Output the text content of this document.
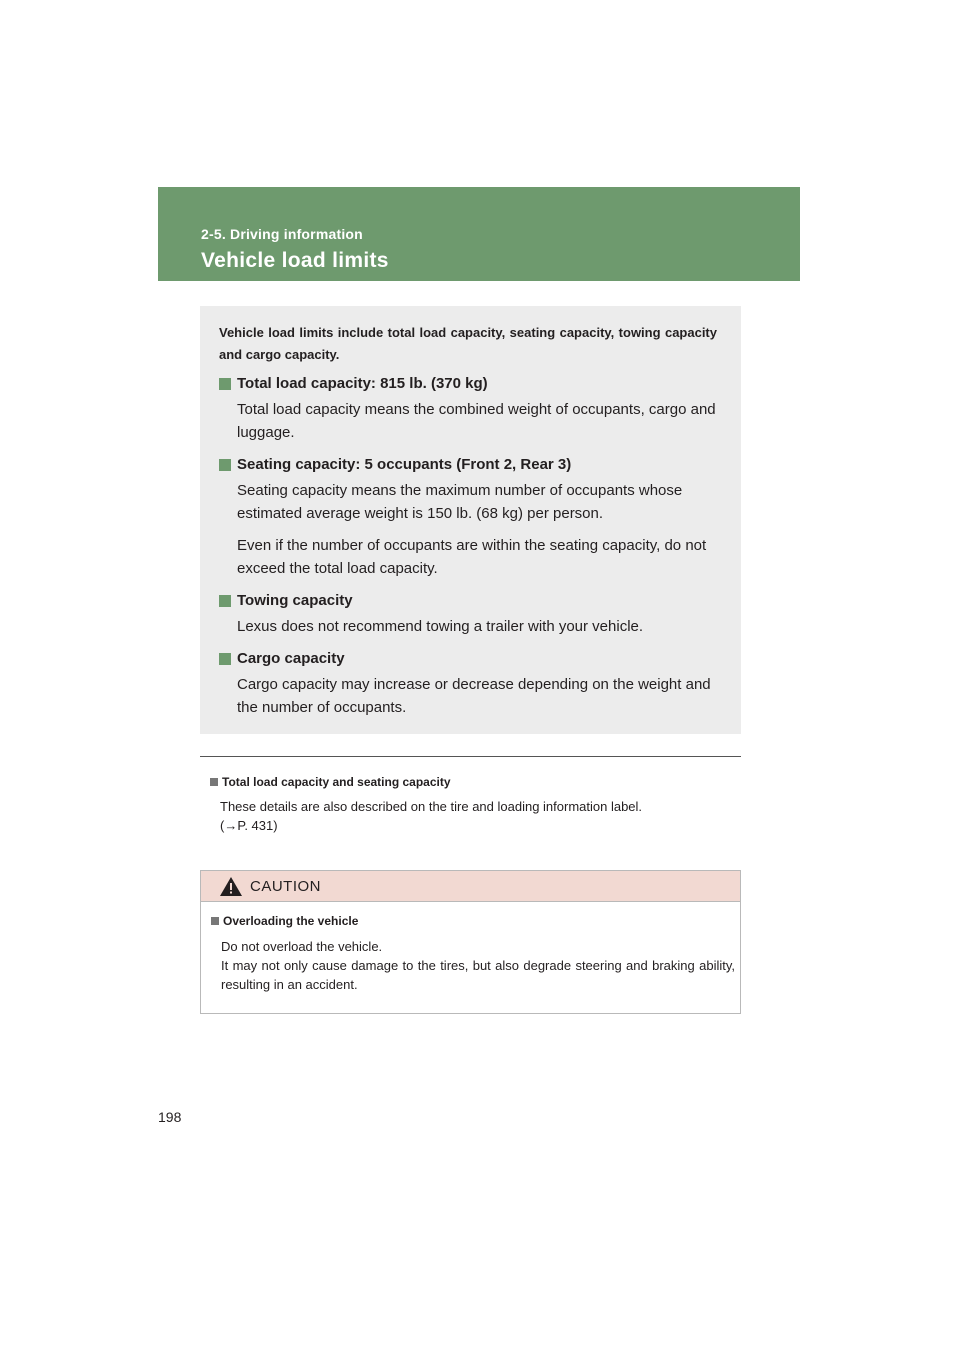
2-5. Driving information
Vehicle load limits
Vehicle load limits include total load capacity, seating capacity, towing capacity and cargo capacity.
Total load capacity: 815 lb. (370 kg)

Total load capacity means the combined weight of occupants, cargo and luggage.

Seating capacity: 5 occupants (Front 2, Rear 3)

Seating capacity means the maximum number of occupants whose estimated average weight is 150 lb. (68 kg) per person.

Even if the number of occupants are within the seating capacity, do not exceed the total load capacity.

Towing capacity

Lexus does not recommend towing a trailer with your vehicle.

Cargo capacity

Cargo capacity may increase or decrease depending on the weight and the number of occupants.

Total load capacity and seating capacity
These details are also described on the tire and loading information label.
(→P. 431)
CAUTION
Overloading the vehicle

Do not overload the vehicle.

It may not only cause damage to the tires, but also degrade steering and braking ability, resulting in an accident.

198
